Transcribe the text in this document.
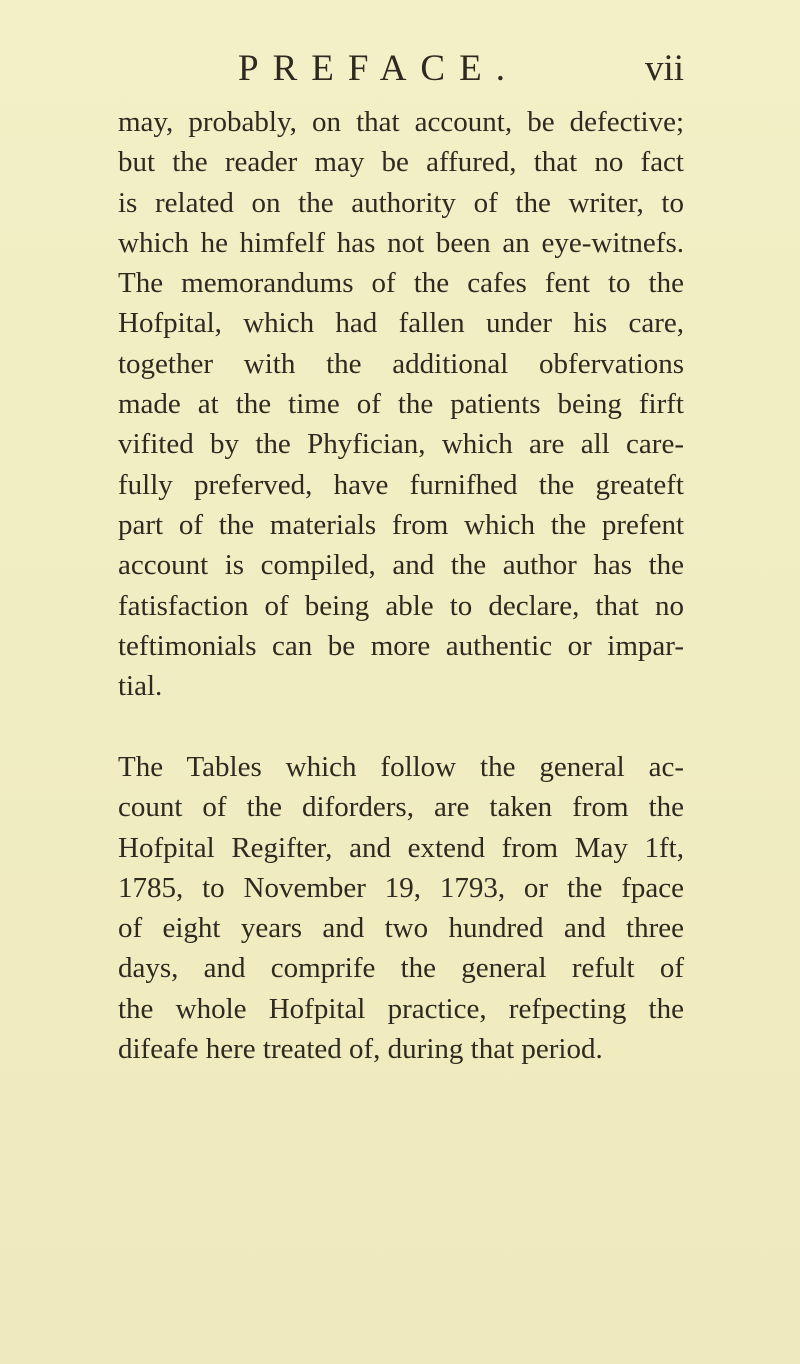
PREFACE.	vii
may, probably, on that account, be defective;
but the reader may be affured, that no fact
is related on the authority of the writer, to
which he himfelf has not been an eye-witnefs.
The memorandums of the cafes fent to the
Hofpital, which had fallen under his care,
together with the additional obfervations
made at the time of the patients being firft
vifited by the Phyfician, which are all care-
fully preferved, have furnifhed the greateft
part of the materials from which the prefent
account is compiled, and the author has the
fatisfaction of being able to declare, that no
teftimonials can be more authentic or impar-
tial.
The Tables which follow the general ac-
count of the diforders, are taken from the
Hofpital Regifter, and extend from May 1ft,
1785, to November 19, 1793, or the fpace
of eight years and two hundred and three
days, and comprife the general refult of
the whole Hofpital practice, refpecting the
difeafe here treated of, during that period.
